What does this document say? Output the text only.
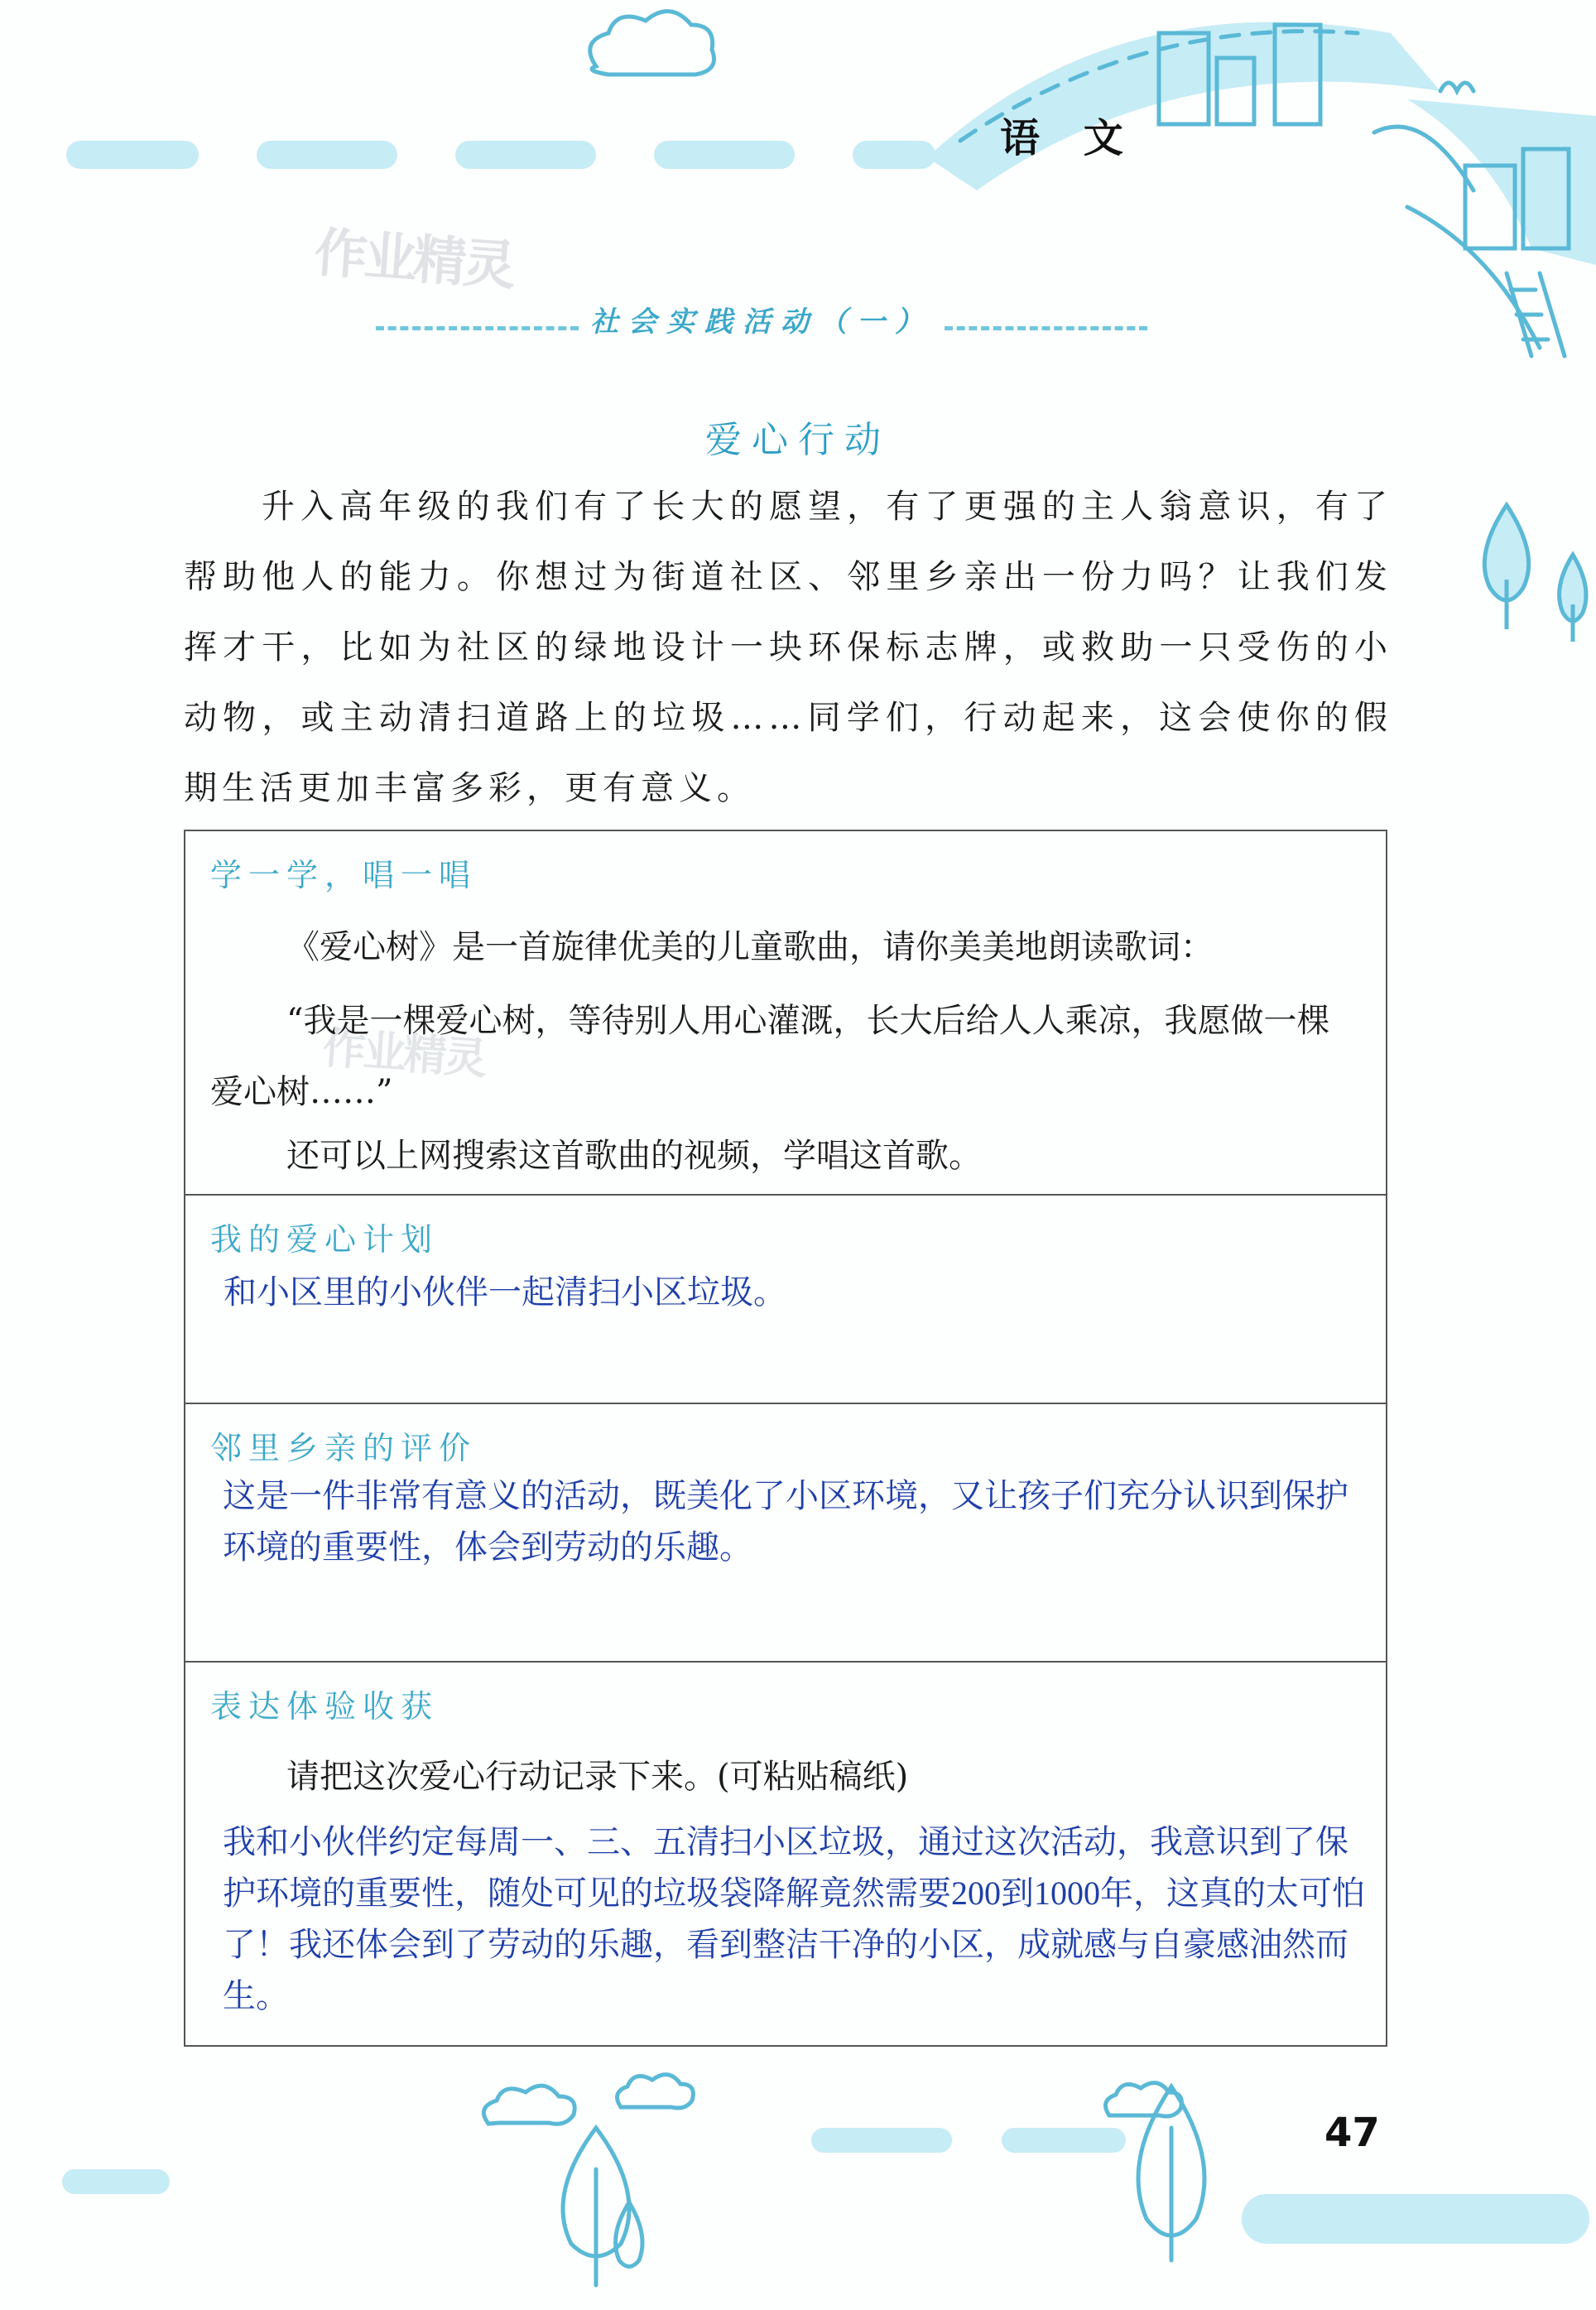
语 文
作业精灵
作业精灵
社会实践活动（一）
爱心行动
升入高年级的我们有了长大的愿望，有了更强的主人翁意识，有了帮助他人的能力。你想过为街道社区、邻里乡亲出一份力吗？让我们发挥才干，比如为社区的绿地设计一块环保标志牌，或救助一只受伤的小动物，或主动清扫道路上的垃圾……同学们，行动起来，这会使你的假期生活更加丰富多彩，更有意义。
学一学，唱一唱
《爱心树》是一首旋律优美的儿童歌曲，请你美美地朗读歌词：
“我是一棵爱心树，等待别人用心灌溉，长大后给人人乘凉，我愿做一棵爱心树……”
还可以上网搜索这首歌曲的视频，学唱这首歌。
我的爱心计划
和小区里的小伙伴一起清扫小区垃圾。
邻里乡亲的评价
这是一件非常有意义的活动，既美化了小区环境，又让孩子们充分认识到保护环境的重要性，体会到劳动的乐趣。
表达体验收获
请把这次爱心行动记录下来。(可粘贴稿纸)
我和小伙伴约定每周一、三、五清扫小区垃圾，通过这次活动，我意识到了保护环境的重要性，随处可见的垃圾袋降解竟然需要200到1000年，这真的太可怕了！我还体会到了劳动的乐趣，看到整洁干净的小区，成就感与自豪感油然而生。
47
